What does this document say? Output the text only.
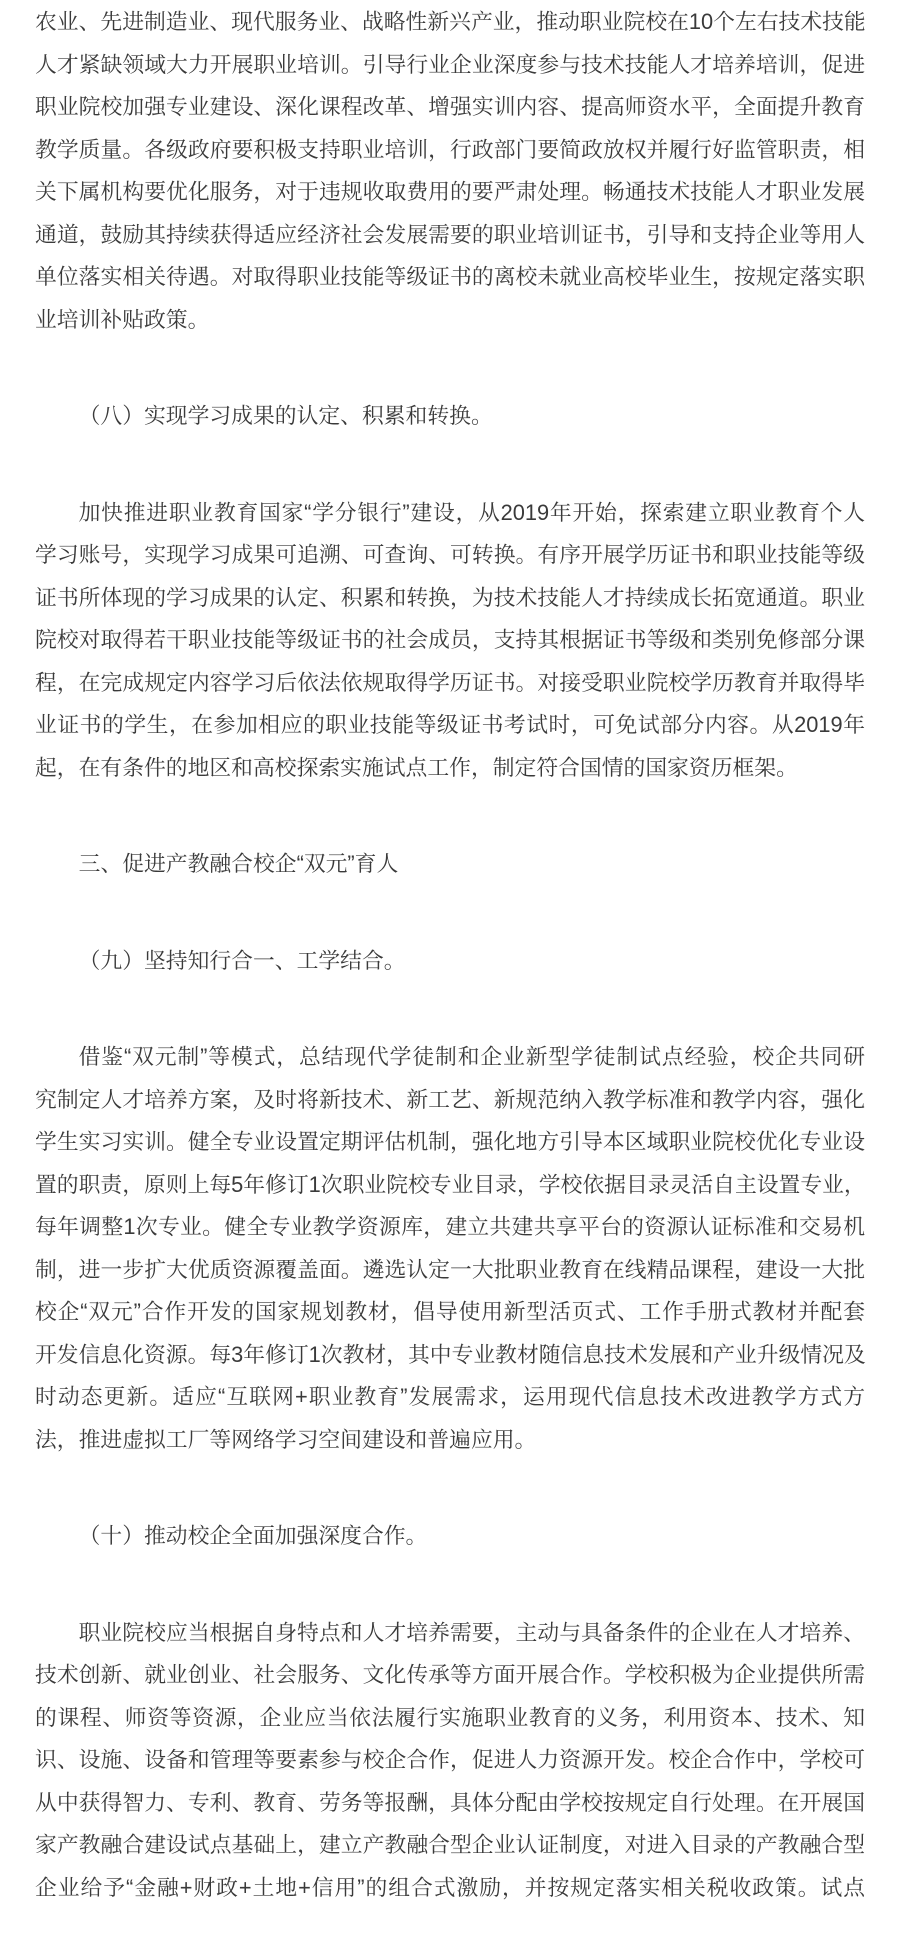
农业、先进制造业、现代服务业、战略性新兴产业，推动职业院校在10个左右技术技能
人才紧缺领域大力开展职业培训。引导行业企业深度参与技术技能人才培养培训，促进
职业院校加强专业建设、深化课程改革、增强实训内容、提高师资水平，全面提升教育
教学质量。各级政府要积极支持职业培训，行政部门要简政放权并履行好监管职责，相
关下属机构要优化服务，对于违规收取费用的要严肃处理。畅通技术技能人才职业发展
通道，鼓励其持续获得适应经济社会发展需要的职业培训证书，引导和支持企业等用人
单位落实相关待遇。对取得职业技能等级证书的离校未就业高校毕业生，按规定落实职
业培训补贴政策。
（八）实现学习成果的认定、积累和转换。
加快推进职业教育国家“学分银行”建设，从2019年开始，探索建立职业教育个人
学习账号，实现学习成果可追溯、可查询、可转换。有序开展学历证书和职业技能等级
证书所体现的学习成果的认定、积累和转换，为技术技能人才持续成长拓宽通道。职业
院校对取得若干职业技能等级证书的社会成员，支持其根据证书等级和类别免修部分课
程，在完成规定内容学习后依法依规取得学历证书。对接受职业院校学历教育并取得毕
业证书的学生，在参加相应的职业技能等级证书考试时，可免试部分内容。从2019年
起，在有条件的地区和高校探索实施试点工作，制定符合国情的国家资历框架。
三、促进产教融合校企“双元”育人
（九）坚持知行合一、工学结合。
借鉴“双元制”等模式，总结现代学徒制和企业新型学徒制试点经验，校企共同研
究制定人才培养方案，及时将新技术、新工艺、新规范纳入教学标准和教学内容，强化
学生实习实训。健全专业设置定期评估机制，强化地方引导本区域职业院校优化专业设
置的职责，原则上每5年修订1次职业院校专业目录，学校依据目录灵活自主设置专业，
每年调整1次专业。健全专业教学资源库，建立共建共享平台的资源认证标准和交易机
制，进一步扩大优质资源覆盖面。遴选认定一大批职业教育在线精品课程，建设一大批
校企“双元”合作开发的国家规划教材，倡导使用新型活页式、工作手册式教材并配套
开发信息化资源。每3年修订1次教材，其中专业教材随信息技术发展和产业升级情况及
时动态更新。适应“互联网+职业教育”发展需求，运用现代信息技术改进教学方式方
法，推进虚拟工厂等网络学习空间建设和普遍应用。
（十）推动校企全面加强深度合作。
职业院校应当根据自身特点和人才培养需要，主动与具备条件的企业在人才培养、
技术创新、就业创业、社会服务、文化传承等方面开展合作。学校积极为企业提供所需
的课程、师资等资源，企业应当依法履行实施职业教育的义务，利用资本、技术、知
识、设施、设备和管理等要素参与校企合作，促进人力资源开发。校企合作中，学校可
从中获得智力、专利、教育、劳务等报酬，具体分配由学校按规定自行处理。在开展国
家产教融合建设试点基础上，建立产教融合型企业认证制度，对进入目录的产教融合型
企业给予“金融+财政+土地+信用”的组合式激励，并按规定落实相关税收政策。试点
